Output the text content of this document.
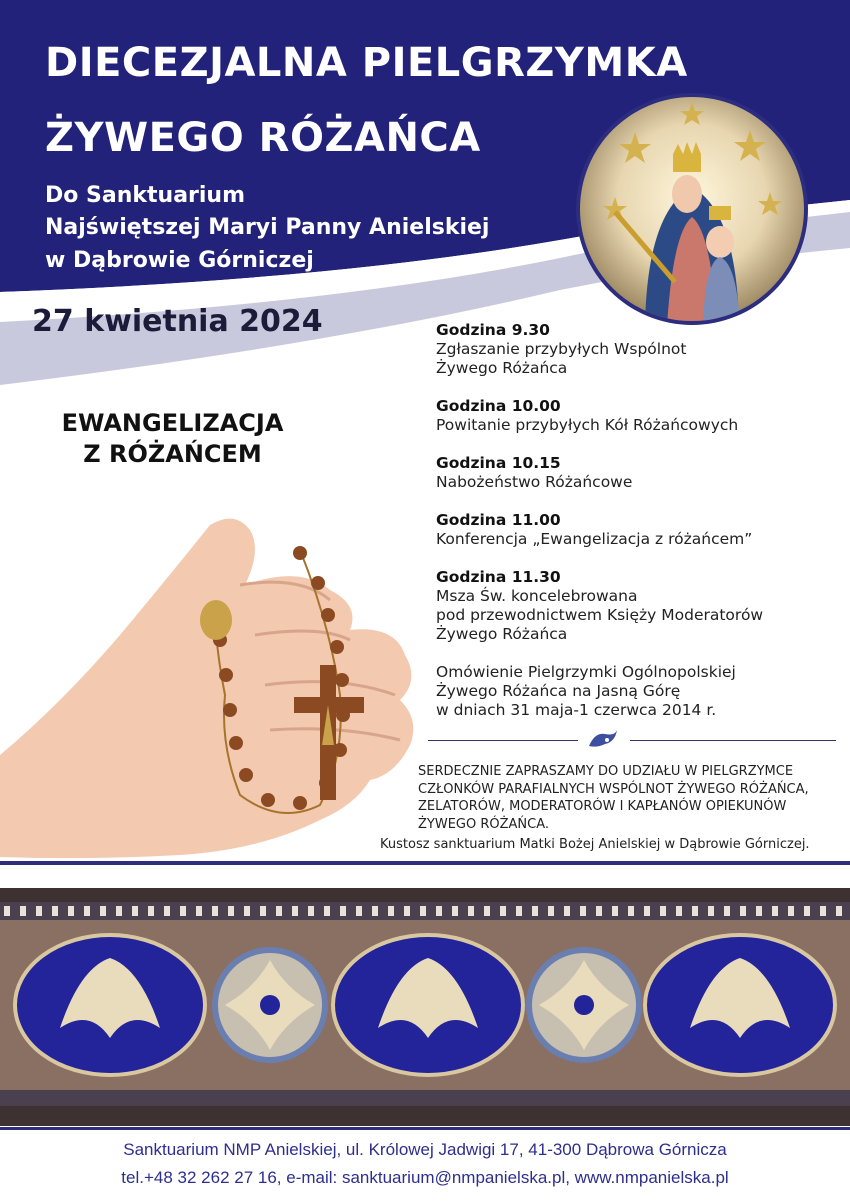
DIECEZJALNA PIELGRZYMKA
ŻYWEGO RÓŻAŃCA
Do Sanktuarium
Najświętszej Maryi Panny Anielskiej
w Dąbrowie Górniczej
27 kwietnia 2024
EWANGELIZACJA
Z RÓŻAŃCEM
Godzina 9.30
Zgłaszanie przybyłych Wspólnot
Żywego Różańca
Godzina 10.00
Powitanie przybyłych Kół Różańcowych
Godzina 10.15
Nabożeństwo Różańcowe
Godzina 11.00
Konferencja „Ewangelizacja z różańcem”
Godzina 11.30
Msza Św. koncelebrowana
pod przewodnictwem Księży Moderatorów
Żywego Różańca
Omówienie Pielgrzymki Ogólnopolskiej
Żywego Różańca na Jasną Górę
w dniach 31 maja-1 czerwca 2014 r.
SERDECZNIE ZAPRASZAMY DO UDZIAŁU W PIELGRZYMCE
CZŁONKÓW PARAFIALNYCH WSPÓLNOT ŻYWEGO RÓŻAŃCA,
ZELATORÓW, MODERATORÓW I KAPŁANÓW OPIEKUNÓW
ŻYWEGO RÓŻAŃCA.
Kustosz sanktuarium Matki Bożej Anielskiej w Dąbrowie Górniczej.
Sanktuarium NMP Anielskiej, ul. Królowej Jadwigi 17, 41-300 Dąbrowa Górnicza
tel.+48 32 262 27 16, e-mail: sanktuarium@nmpanielska.pl, www.nmpanielska.pl
